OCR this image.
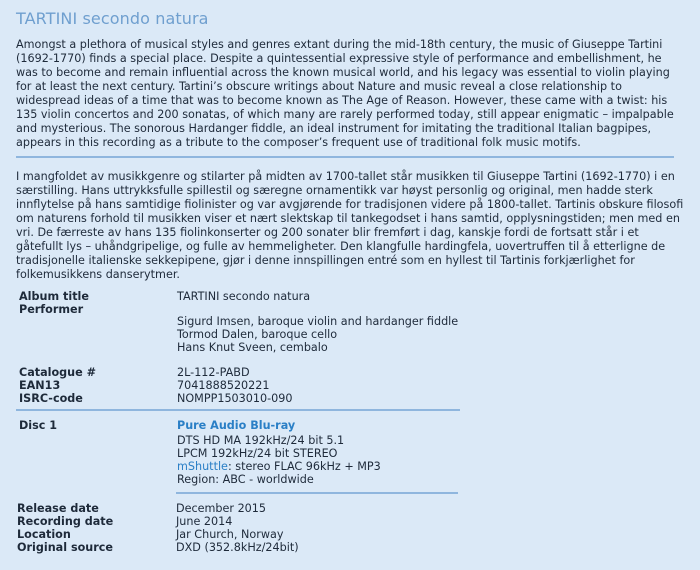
TARTINI secondo natura

Amongst a plethora of musical styles and genres extant during the mid-18th century, the music of Giuseppe Tartini (1692-1770) finds a special place. Despite a quintessential expressive style of performance and embellishment, he was to become and remain influential across the known musical world, and his legacy was essential to violin playing for at least the next century. Tartini’s obscure writings about Nature and music reveal a close relationship to widespread ideas of a time that was to become known as The Age of Reason. However, these came with a twist: his 135 violin concertos and 200 sonatas, of which many are rarely performed today, still appear enigmatic – impalpable and mysterious. The sonorous Hardanger fiddle, an ideal instrument for imitating the traditional Italian bagpipes, appears in this recording as a tribute to the composer’s frequent use of traditional folk music motifs.

I mangfoldet av musikkgenre og stilarter på midten av 1700-tallet står musikken til Giuseppe Tartini (1692-1770) i en særstilling. Hans uttrykksfulle spillestil og særegne ornamentikk var høyst personlig og original, men hadde sterk innflytelse på hans samtidige fiolinister og var avgjørende for tradisjonen videre på 1800-tallet. Tartinis obskure filosofi om naturens forhold til musikken viser et nært slektskap til tankegodset i hans samtid, opplysningstiden; men med en vri. De færreste av hans 135 fiolinkonserter og 200 sonater blir fremført i dag, kanskje fordi de fortsatt står i et gåtefullt lys – uhåndgripelige, og fulle av hemmeligheter. Den klangfulle hardingfela, uovertruffen til å etterligne de tradisjonelle italienske sekkepipene, gjør i denne innspillingen entré som en hyllest til Tartinis forkjærlighet for folkemusikkens danserytmer.

Album title	TARTINI secondo natura
Performer
Sigurd Imsen, baroque violin and hardanger fiddle
Tormod Dalen, baroque cello
Hans Knut Sveen, cembalo
Catalogue #	2L-112-PABD
EAN13	7041888520221
ISRC-code	NOMPP1503010-090
Disc 1	Pure Audio Blu-ray
DTS HD MA 192kHz/24 bit 5.1
LPCM 192kHz/24 bit STEREO
mShuttle: stereo FLAC 96kHz + MP3
Region: ABC - worldwide
Release date	December 2015
Recording date	June 2014
Location	Jar Church, Norway
Original source	DXD (352.8kHz/24bit)
